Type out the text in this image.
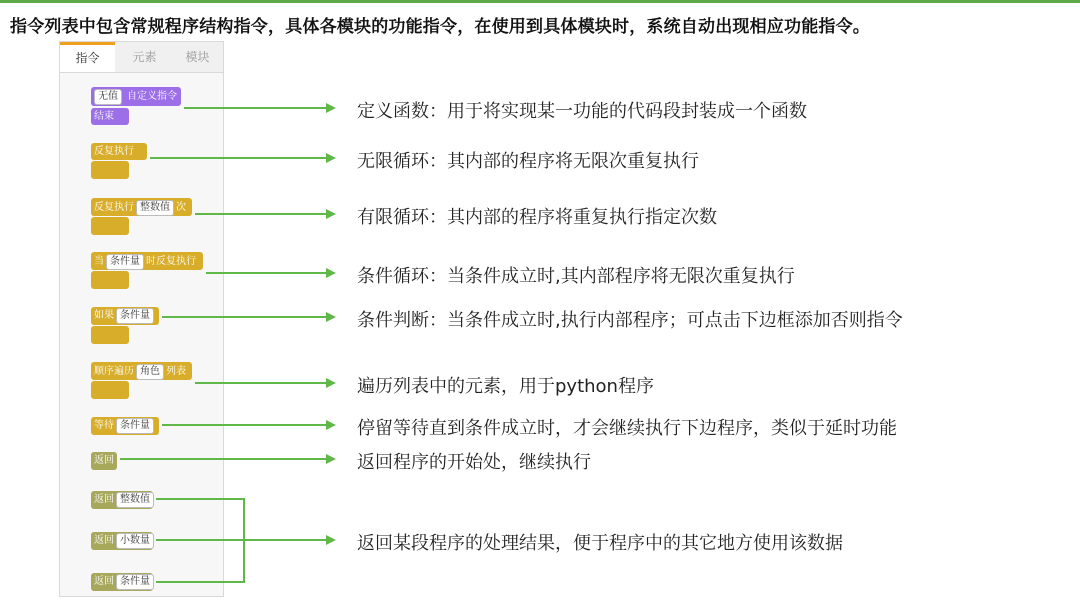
指令列表中包含常规程序结构指令，具体各模块的功能指令，在使用到具体模块时，系统自动出现相应功能指令。
指令	元素	模块
无值 自定义指令
结束
反复执行
反复执行 整数值 次
当 条件量 时反复执行
如果 条件量
顺序遍历 角色 列表
等待 条件量
返回
返回 整数值
返回 小数量
返回 条件量
定义函数：用于将实现某一功能的代码段封装成一个函数
无限循环：其内部的程序将无限次重复执行
有限循环：其内部的程序将重复执行指定次数
条件循环：当条件成立时,其内部程序将无限次重复执行
条件判断：当条件成立时,执行内部程序；可点击下边框添加否则指令
遍历列表中的元素，用于python程序
停留等待直到条件成立时，才会继续执行下边程序，类似于延时功能
返回程序的开始处，继续执行
返回某段程序的处理结果，便于程序中的其它地方使用该数据
